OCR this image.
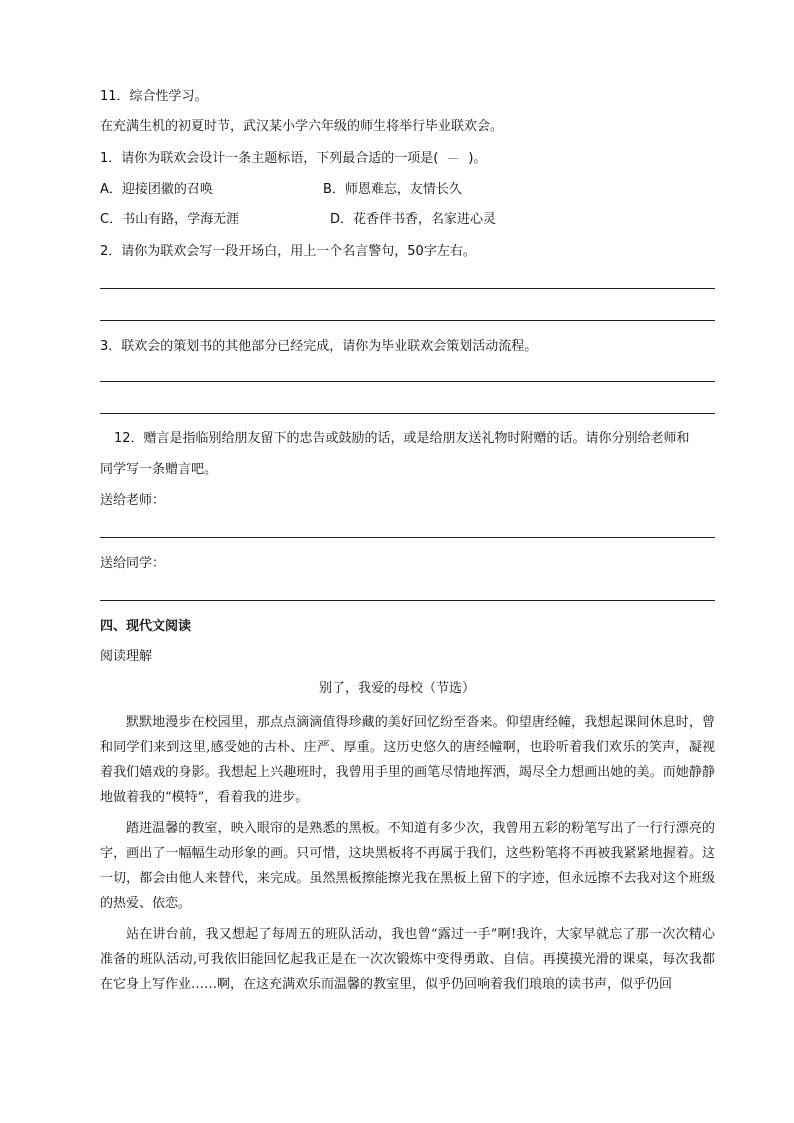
11．综合性学习。
在充满生机的初夏时节，武汉某小学六年级的师生将举行毕业联欢会。
1．请你为联欢会设计一条主题标语，下列最合适的一项是( )。
A．迎接团徽的召唤	B．师恩难忘，友情长久
C．书山有路，学海无涯	D．花香伴书香，名家进心灵
2．请你为联欢会写一段开场白，用上一个名言警句，50字左右。
3．联欢会的策划书的其他部分已经完成，请你为毕业联欢会策划活动流程。
12．赠言是指临别给朋友留下的忠告或鼓励的话，或是给朋友送礼物时附赠的话。请你分别给老师和
同学写一条赠言吧。
送给老师：
送给同学：
四、现代文阅读
阅读理解
别了，我爱的母校（节选）

默默地漫步在校园里，那点点滴滴值得珍藏的美好回忆纷至沓来。仰望唐经幢，我想起课间休息时，曾和同学们来到这里,感受她的古朴、庄严、厚重。这历史悠久的唐经幢啊，也聆听着我们欢乐的笑声，凝视着我们嬉戏的身影。我想起上兴趣班时，我曾用手里的画笔尽情地挥洒，竭尽全力想画出她的美。而她静静地做着我的“模特”，看着我的进步。

踏进温馨的教室，映入眼帘的是熟悉的黑板。不知道有多少次，我曾用五彩的粉笔写出了一行行漂亮的字，画出了一幅幅生动形象的画。只可惜，这块黑板将不再属于我们，这些粉笔将不再被我紧紧地握着。这一切，都会由他人来替代，来完成。虽然黑板擦能擦光我在黑板上留下的字迹，但永远擦不去我对这个班级的热爱、依恋。

站在讲台前，我又想起了每周五的班队活动，我也曾“露过一手”啊!我许，大家早就忘了那一次次精心准备的班队活动,可我依旧能回忆起我正是在一次次锻炼中变得勇敢、自信。再摸摸光滑的课桌，每次我都在它身上写作业……啊，在这充满欢乐而温馨的教室里，似乎仍回响着我们琅琅的读书声，似乎仍回
